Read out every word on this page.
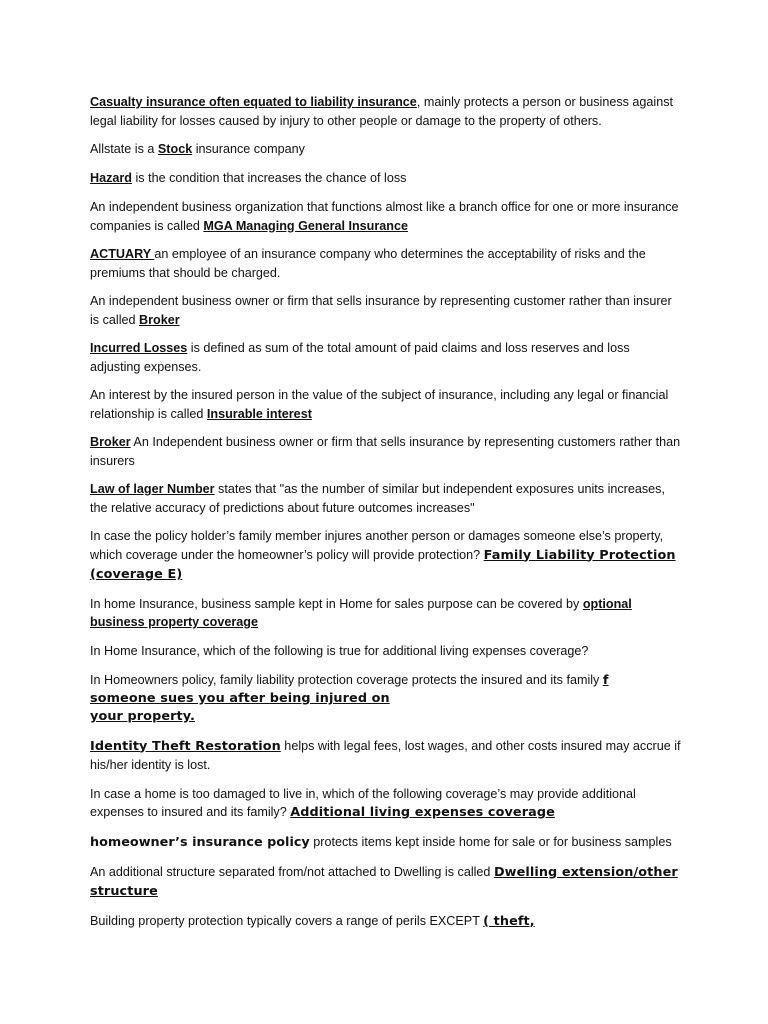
Casualty insurance often equated to liability insurance, mainly protects a person or business against legal liability for losses caused by injury to other people or damage to the property of others.

Allstate is a Stock insurance company

Hazard is the condition that increases the chance of loss

An independent business organization that functions almost like a branch office for one or more insurance companies is called MGA Managing General Insurance

ACTUARY an employee of an insurance company who determines the acceptability of risks and the premiums that should be charged.

An independent business owner or firm that sells insurance by representing customer rather than insurer is called Broker

Incurred Losses is defined as sum of the total amount of paid claims and loss reserves and loss adjusting expenses.

An interest by the insured person in the value of the subject of insurance, including any legal or financial relationship is called Insurable interest

Broker An Independent business owner or firm that sells insurance by representing customers rather than insurers

Law of lager Number states that "as the number of similar but independent exposures units increases, the relative accuracy of predictions about future outcomes increases"

In case the policy holder’s family member injures another person or damages someone else’s property, which coverage under the homeowner’s policy will provide protection? Family Liability Protection (coverage E)

In home Insurance, business sample kept in Home for sales purpose can be covered by optional business property coverage

In Home Insurance, which of the following is true for additional living expenses coverage?

In Homeowners policy, family liability protection coverage protects the insured and its family f
someone sues you after being injured on
your property.

Identity Theft Restoration helps with legal fees, lost wages, and other costs insured may accrue if his/her identity is lost.

In case a home is too damaged to live in, which of the following coverage’s may provide additional expenses to insured and its family? Additional living expenses coverage

homeowner’s insurance policy protects items kept inside home for sale or for business samples

An additional structure separated from/not attached to Dwelling is called Dwelling extension/other structure

Building property protection typically covers a range of perils EXCEPT ( theft,
